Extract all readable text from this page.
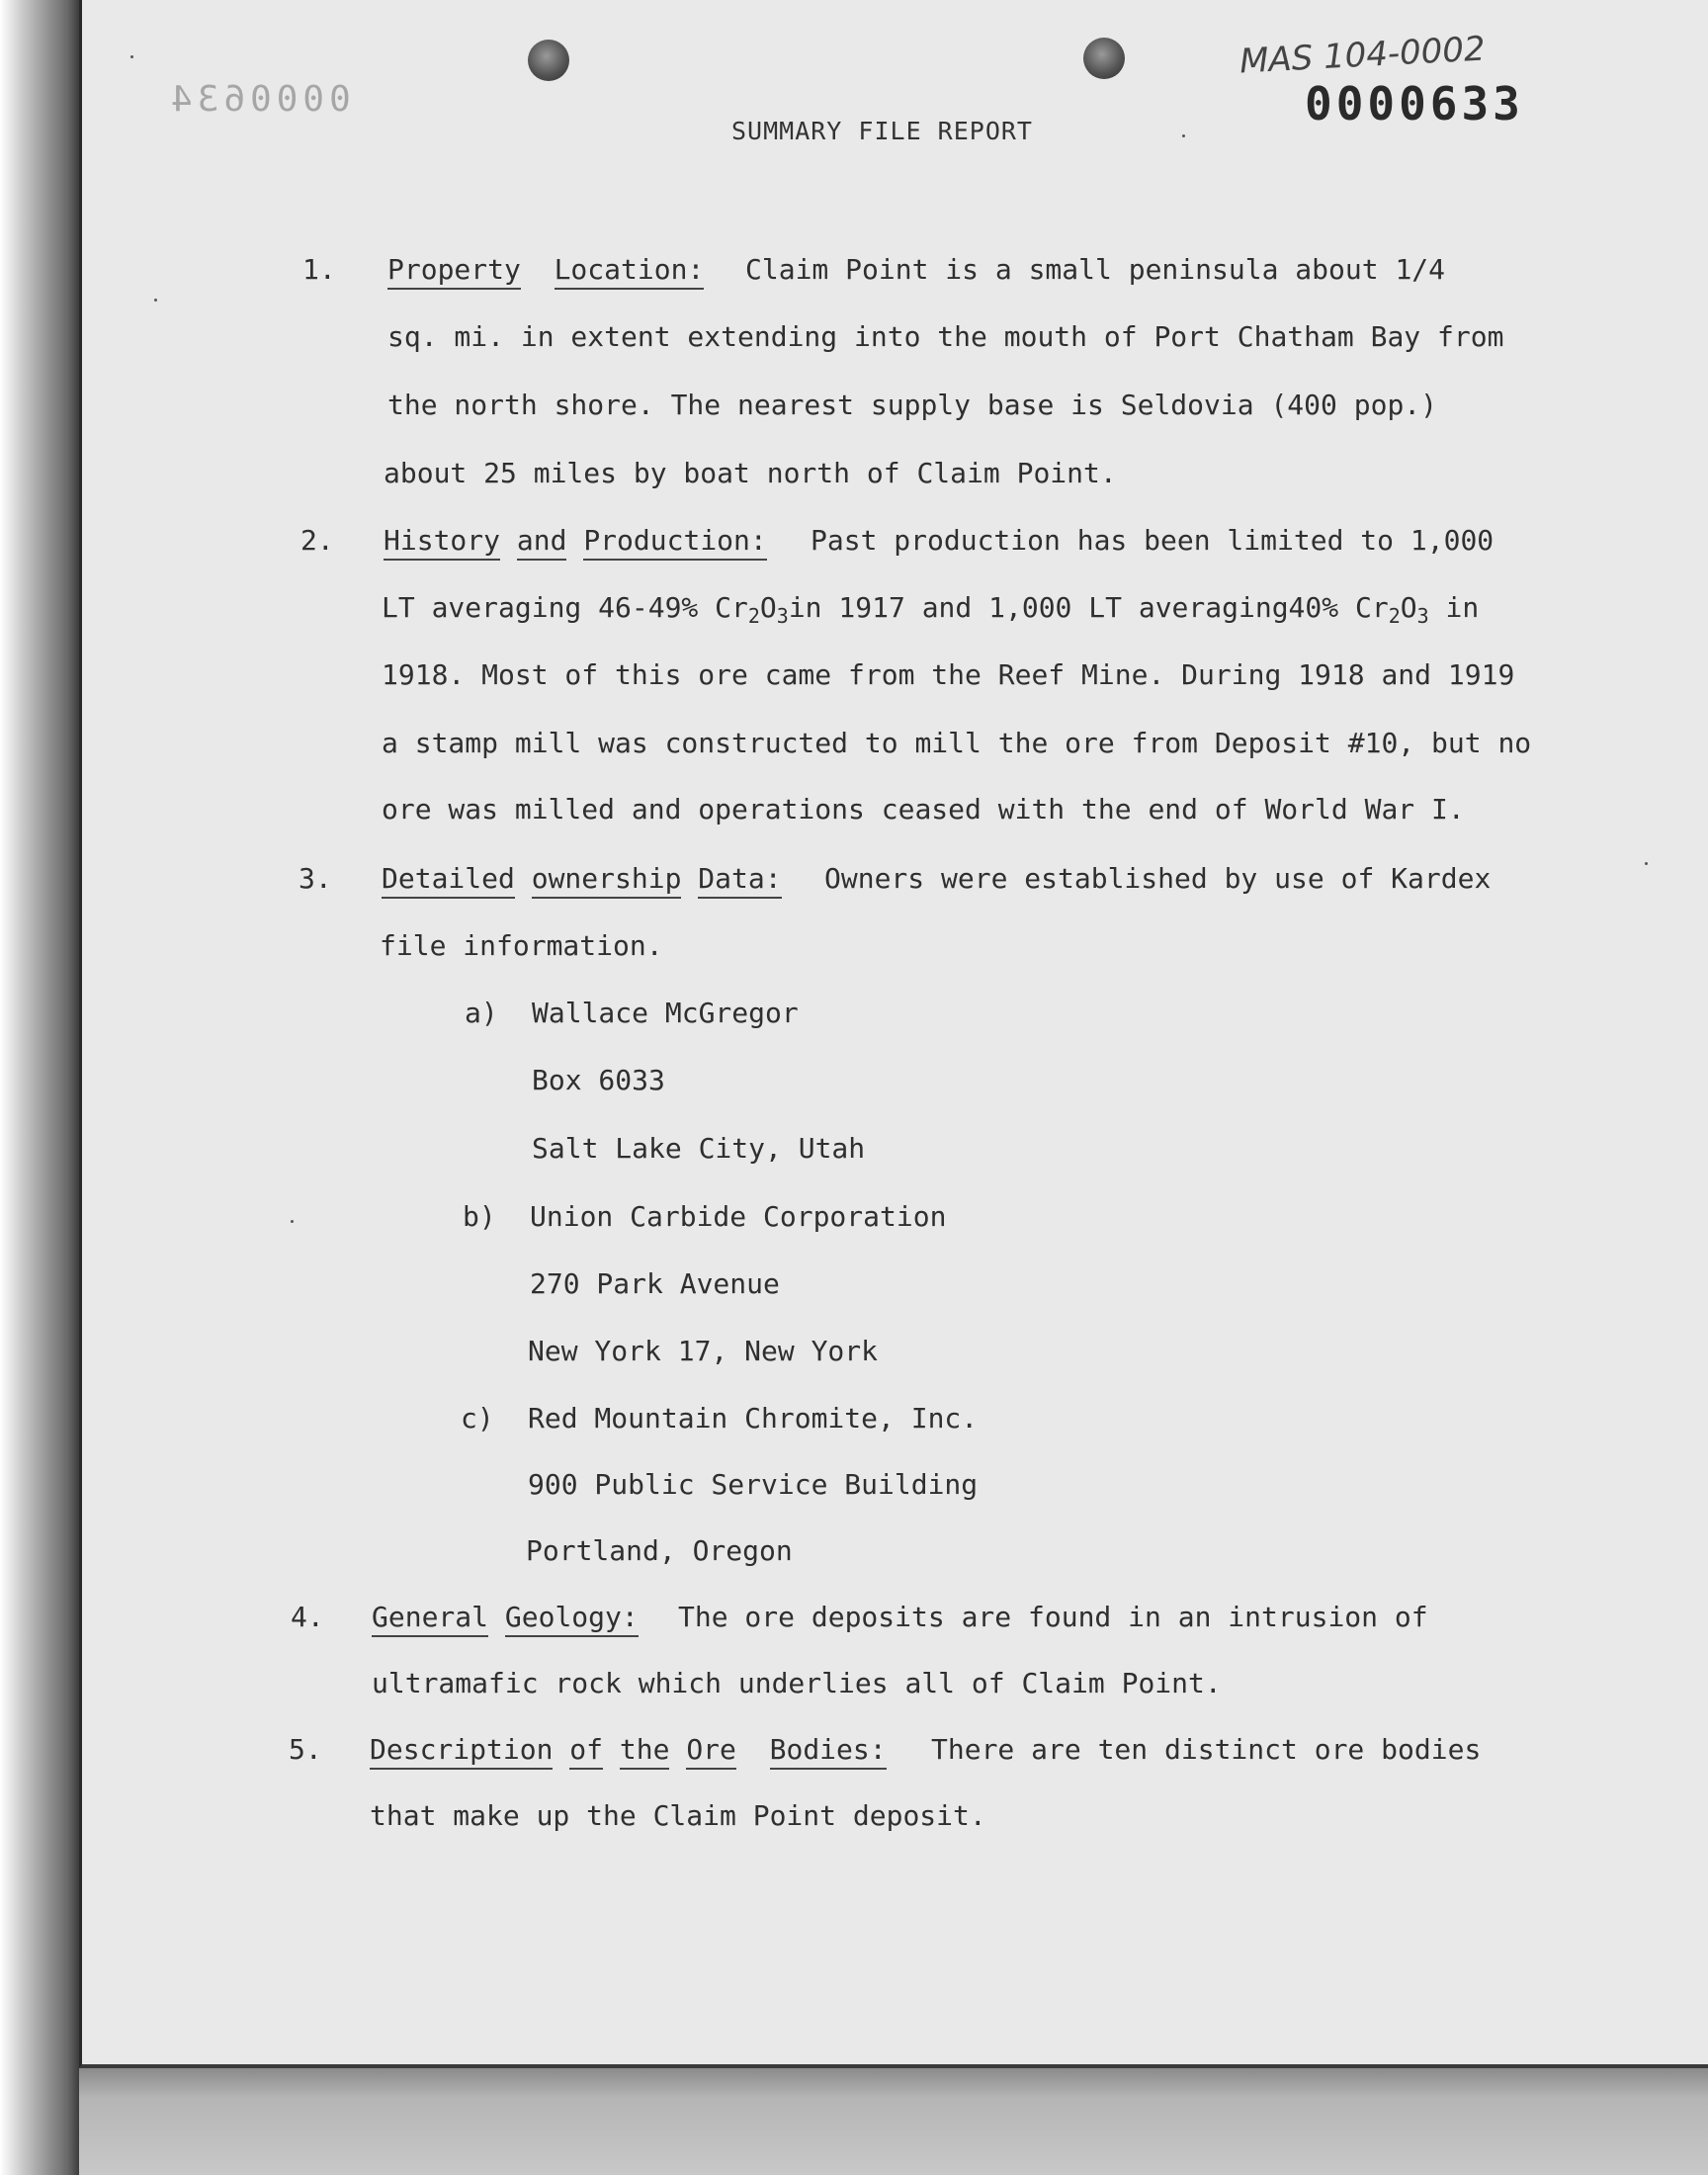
0000634
MAS 104-0002
0000633
SUMMARY FILE REPORT
1. Property Location: Claim Point is a small peninsula about 1/4
sq. mi. in extent extending into the mouth of Port Chatham Bay from
the north shore. The nearest supply base is Seldovia (400 pop.)
about 25 miles by boat north of Claim Point.
2. History and Production: Past production has been limited to 1,000
LT averaging 46-49% $Cr_2O_3in$ 1917 and 1,000 LT averaging40% $Cr_2O_3$ in
1918. Most of this ore came from the Reef Mine. During 1918 and 1919
a stamp mill was constructed to mill the ore from Deposit #10, but no
ore was milled and operations ceased with the end of World War I.
3. Detailed ownership Data: Owners were established by use of Kardex
file information.
a) Wallace McGregor
Box 6033
Salt Lake City, Utah
b) Union Carbide Corporation
270 Park Avenue
New York 17, New York
c) Red Mountain Chromite, Inc.
900 Public Service Building
Portland, Oregon
4. General Geology: The ore deposits are found in an intrusion of
ultramafic rock which underlies all of Claim Point.
5. Description of the Ore Bodies: There are ten distinct ore bodies
that make up the Claim Point deposit.
